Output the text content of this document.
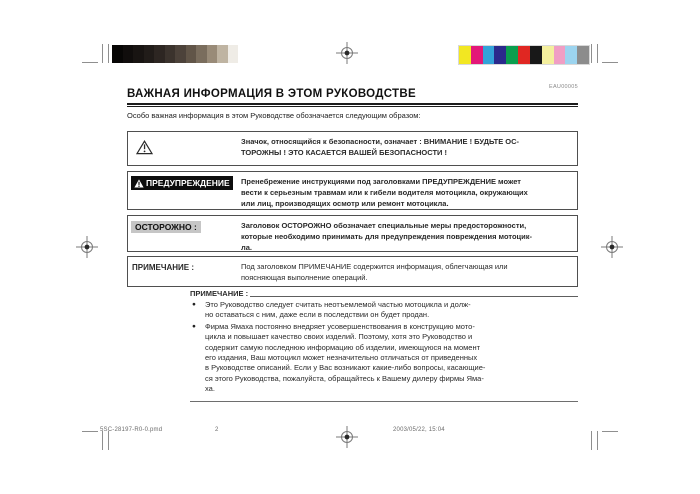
EAU00005
ВАЖНАЯ ИНФОРМАЦИЯ В ЭТОМ РУКОВОДСТВЕ
Особо важная информация в этом Руководстве обозначается следующим образом:
Значок, относящийся к безопасности, означает : ВНИМАНИЕ ! БУДЬТЕ ОС-
ТОРОЖНЫ ! ЭТО КАСАЕТСЯ ВАШЕЙ БЕЗОПАСНОСТИ !
ПРЕДУПРЕЖДЕНИЕ Пренебрежение инструкциями под заголовками ПРЕДУПРЕЖДЕНИЕ может
вести к серьезным травмам или к гибели водителя мотоцикла, окружающих
или лиц, производящих осмотр или ремонт мотоцикла.
ОСТОРОЖНО :	Заголовок ОСТОРОЖНО обозначает специальные меры предосторожности,
которые необходимо принимать для предупреждения повреждения мотоцик-
ла.
ПРИМЕЧАНИЕ :	Под заголовком ПРИМЕЧАНИЕ содержится информация, облегчающая или
поясняющая выполнение операций.
ПРИМЕЧАНИЕ :
● Это Руководство следует считать неотъемлемой частью мотоцикла и долж-
но оставаться с ним, даже если в последствии он будет продан.
● Фирма Ямаха постоянно внедряет усовершенствования в конструкцию мото-
цикла и повышает качество своих изделий. Поэтому, хотя это Руководство и
содержит самую последнюю информацию об изделии, имеющуюся на момент
его издания, Ваш мотоцикл может незначительно отличаться от приведенных
в Руководстве описаний. Если у Вас возникают какие-либо вопросы, касающие-
ся этого Руководства, пожалуйста, обращайтесь к Вашему дилеру фирмы Яма-
ха.
5SC-28197-R0-0.pmd	2	2003/05/22, 15:04
